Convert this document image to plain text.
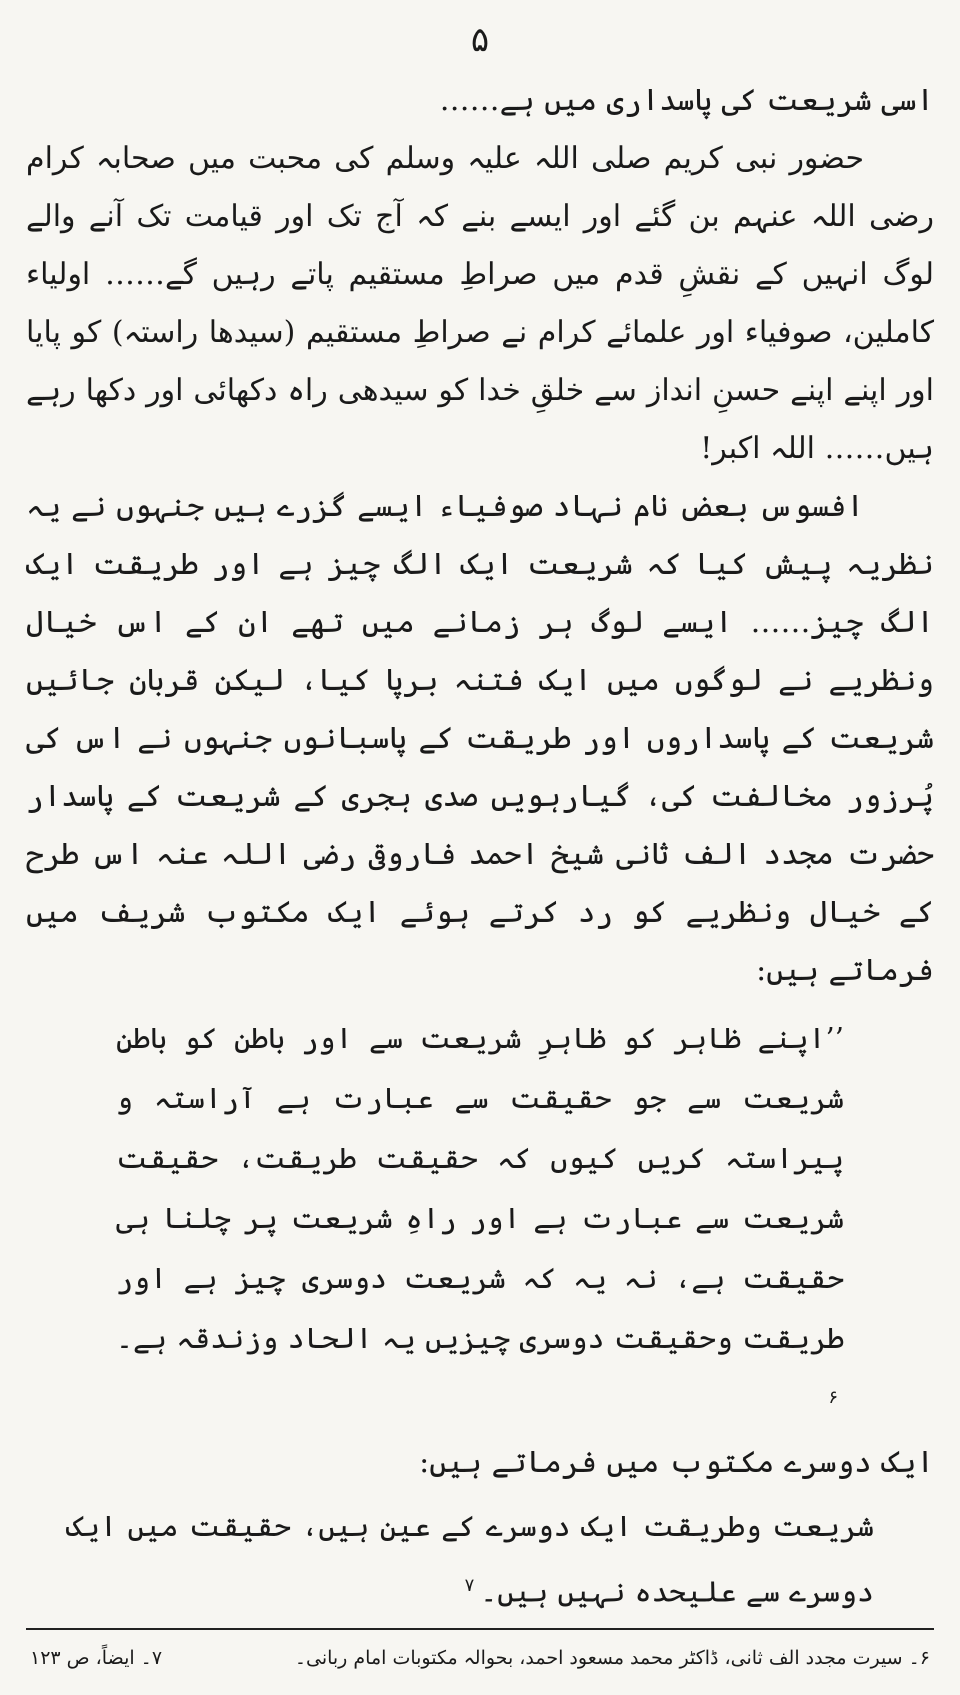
۵

اسی شریعت کی پاسداری میں ہے……

حضور نبی کریم صلی اللہ علیہ وسلم کی محبت میں صحابہ کرام رضی اللہ عنہم بن گئے اور ایسے بنے کہ آج تک اور قیامت تک آنے والے لوگ انہیں کے نقشِ قدم میں صراطِ مستقیم پاتے رہیں گے…… اولیاء کاملین، صوفیاء اور علمائے کرام نے صراطِ مستقیم (سیدھا راستہ) کو پایا اور اپنے اپنے حسنِ انداز سے خلقِ خدا کو سیدھی راہ دکھائی اور دکھا رہے ہیں…… اللہ اکبر!

افسوس بعض نام نہاد صوفیاء ایسے گزرے ہیں جنہوں نے یہ نظریہ پیش کیا کہ شریعت ایک الگ چیز ہے اور طریقت ایک الگ چیز…… ایسے لوگ ہر زمانے میں تھے ان کے اس خیال ونظریے نے لوگوں میں ایک فتنہ برپا کیا، لیکن قربان جائیں شریعت کے پاسداروں اور طریقت کے پاسبانوں جنہوں نے اس کی پُرزور مخالفت کی، گیارہویں صدی ہجری کے شریعت کے پاسدار حضرت مجدد الف ثانی شیخ احمد فاروقی رضی اللہ عنہ اس طرح کے خیال ونظریے کو رد کرتے ہوئے ایک مکتوب شریف میں فرماتے ہیں:

’’اپنے ظاہر کو ظاہرِ شریعت سے اور باطن کو باطنِ شریعت سے جو حقیقت سے عبارت ہے آراستہ و پیراستہ کریں کیوں کہ حقیقت طریقت، حقیقت شریعت سے عبارت ہے اور راہِ شریعت پر چلنا ہی حقیقت ہے، نہ یہ کہ شریعت دوسری چیز ہے اور طریقت وحقیقت دوسری چیزیں یہ الحاد وزندقہ ہے۔$^۶$

ایک دوسرے مکتوب میں فرماتے ہیں:

شریعت وطریقت ایک دوسرے کے عین ہیں، حقیقت میں ایک دوسرے سے علیحدہ نہیں ہیں۔$^۷$

۶۔ سیرت مجدد الف ثانی، ڈاکٹر محمد مسعود احمد، بحوالہ مکتوبات امام ربانی۔
۷۔ ایضاً، ص ۱۲۳
